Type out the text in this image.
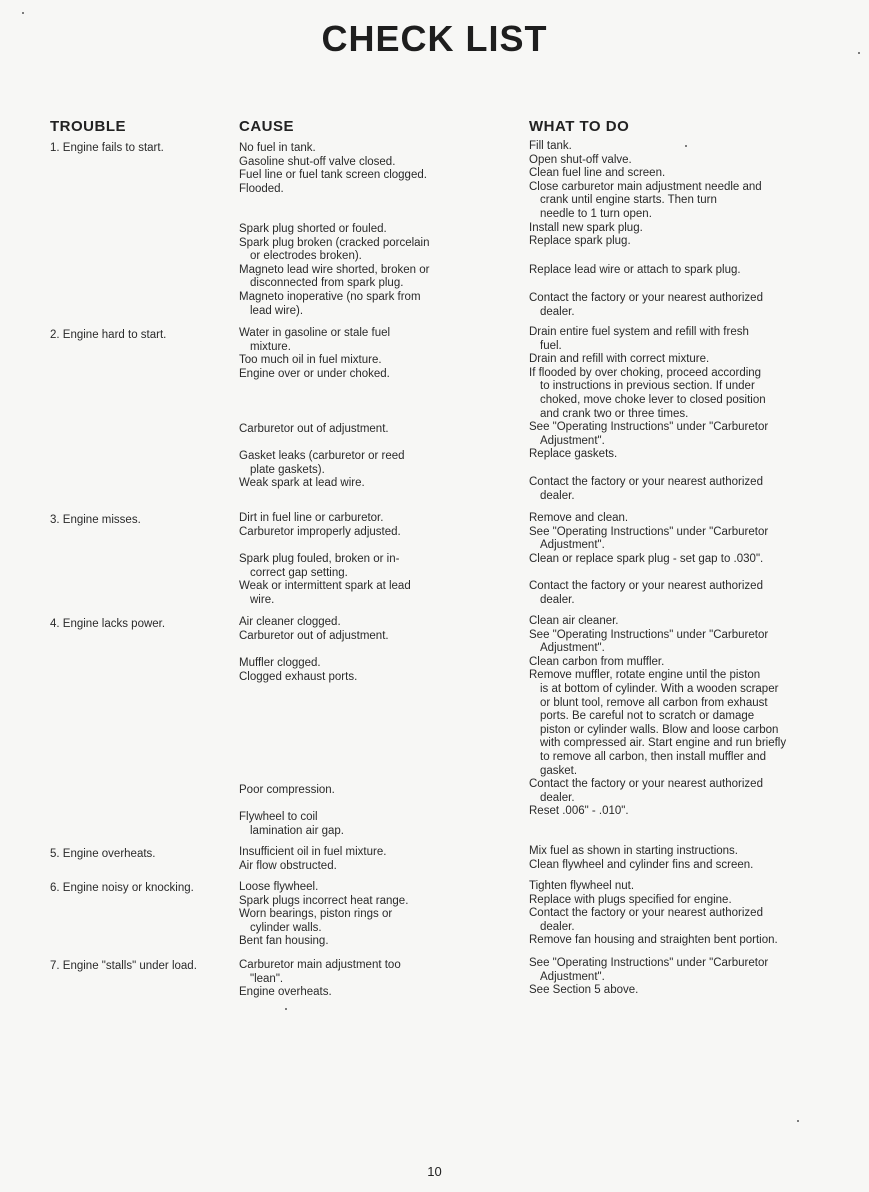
CHECK LIST
TROUBLE	CAUSE	WHAT TO DO
1. Engine fails to start.
2. Engine hard to start.
3. Engine misses.
4. Engine lacks power.
5. Engine overheats.
6. Engine noisy or knocking.
7. Engine "stalls" under load.
No fuel in tank.
Gasoline shut-off valve closed.
Fuel line or fuel tank screen clogged.
Flooded.
Spark plug shorted or fouled.
Spark plug broken (cracked porcelain
or electrodes broken).
Magneto lead wire shorted, broken or
disconnected from spark plug.
Magneto inoperative (no spark from
lead wire).
Water in gasoline or stale fuel
mixture.
Too much oil in fuel mixture.
Engine over or under choked.
Carburetor out of adjustment.
Gasket leaks (carburetor or reed
plate gaskets).
Weak spark at lead wire.
Dirt in fuel line or carburetor.
Carburetor improperly adjusted.
Spark plug fouled, broken or in-
correct gap setting.
Weak or intermittent spark at lead
wire.
Air cleaner clogged.
Carburetor out of adjustment.
Muffler clogged.
Clogged exhaust ports.
Poor compression.
Flywheel to coil
lamination air gap.
Insufficient oil in fuel mixture.
Air flow obstructed.
Loose flywheel.
Spark plugs incorrect heat range.
Worn bearings, piston rings or
cylinder walls.
Bent fan housing.
Carburetor main adjustment too
"lean".
Engine overheats.
Fill tank.
Open shut-off valve.
Clean fuel line and screen.
Close carburetor main adjustment needle and
crank until engine starts. Then turn
needle to 1 turn open.
Install new spark plug.
Replace spark plug.
Replace lead wire or attach to spark plug.
Contact the factory or your nearest authorized
dealer.
Drain entire fuel system and refill with fresh
fuel.
Drain and refill with correct mixture.
If flooded by over choking, proceed according
to instructions in previous section. If under
choked, move choke lever to closed position
and crank two or three times.
See "Operating Instructions" under "Carburetor
Adjustment".
Replace gaskets.
Contact the factory or your nearest authorized
dealer.
Remove and clean.
See "Operating Instructions" under "Carburetor
Adjustment".
Clean or replace spark plug - set gap to .030".
Contact the factory or your nearest authorized
dealer.
Clean air cleaner.
See "Operating Instructions" under "Carburetor
Adjustment".
Clean carbon from muffler.
Remove muffler, rotate engine until the piston
is at bottom of cylinder. With a wooden scraper
or blunt tool, remove all carbon from exhaust
ports. Be careful not to scratch or damage
piston or cylinder walls. Blow and loose carbon
with compressed air. Start engine and run briefly
to remove all carbon, then install muffler and
gasket.
Contact the factory or your nearest authorized
dealer.
Reset .006" - .010".
Mix fuel as shown in starting instructions.
Clean flywheel and cylinder fins and screen.
Tighten flywheel nut.
Replace with plugs specified for engine.
Contact the factory or your nearest authorized
dealer.
Remove fan housing and straighten bent portion.
See "Operating Instructions" under "Carburetor
Adjustment".
See Section 5 above.
10
